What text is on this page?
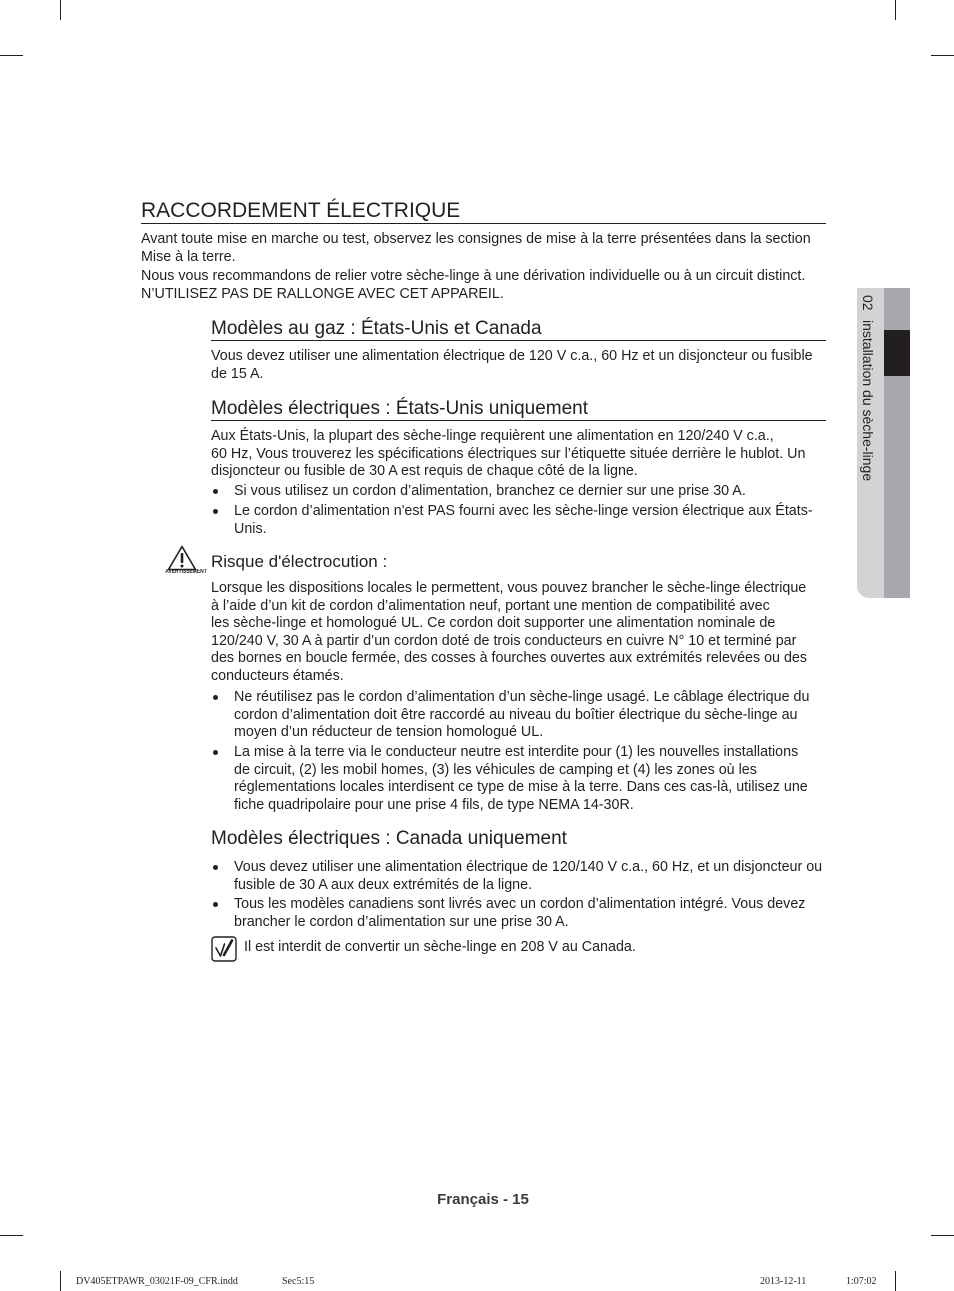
02installation du sèche-linge
RACCORDEMENT ÉLECTRIQUE
Avant toute mise en marche ou test, observez les consignes de mise à la terre présentées dans la section
Mise à la terre.
Nous vous recommandons de relier votre sèche-linge à une dérivation individuelle ou à un circuit distinct.
N’UTILISEZ PAS DE RALLONGE AVEC CET APPAREIL.
Modèles au gaz : États-Unis et Canada
Vous devez utiliser une alimentation électrique de 120 V c.a., 60 Hz et un disjoncteur ou fusible
de 15 A.
Modèles électriques : États-Unis uniquement
Aux États-Unis, la plupart des sèche-linge requièrent une alimentation en 120/240 V c.a.,
60 Hz, Vous trouverez les spécifications électriques sur l’étiquette située derrière le hublot. Un
disjoncteur ou fusible de 30 A est requis de chaque côté de la ligne.
Si vous utilisez un cordon d’alimentation, branchez ce dernier sur une prise 30 A.
Le cordon d’alimentation n'est PAS fourni avec les sèche-linge version électrique aux États-
Unis.
AVERTISSEMENT
Risque d'électrocution :
Lorsque les dispositions locales le permettent, vous pouvez brancher le sèche-linge électrique
à l’aide d’un kit de cordon d’alimentation neuf, portant une mention de compatibilité avec
les sèche-linge et homologué UL. Ce cordon doit supporter une alimentation nominale de
120/240 V, 30 A à partir d’un cordon doté de trois conducteurs en cuivre N° 10 et terminé par
des bornes en boucle fermée, des cosses à fourches ouvertes aux extrémités relevées ou des
conducteurs étamés.
Ne réutilisez pas le cordon d’alimentation d’un sèche-linge usagé. Le câblage électrique du
cordon d’alimentation doit être raccordé au niveau du boîtier électrique du sèche-linge au
moyen d’un réducteur de tension homologué UL.
La mise à la terre via le conducteur neutre est interdite pour (1) les nouvelles installations
de circuit, (2) les mobil homes, (3) les véhicules de camping et (4) les zones où les
réglementations locales interdisent ce type de mise à la terre. Dans ces cas-là, utilisez une
fiche quadripolaire pour une prise 4 fils, de type NEMA 14-30R.
Modèles électriques : Canada uniquement
Vous devez utiliser une alimentation électrique de 120/140 V c.a., 60 Hz, et un disjoncteur ou
fusible de 30 A aux deux extrémités de la ligne.
Tous les modèles canadiens sont livrés avec un cordon d’alimentation intégré. Vous devez
brancher le cordon d’alimentation sur une prise 30 A.
Il est interdit de convertir un sèche-linge en 208 V au Canada.
Français - 15
DV405ETPAWR_03021F-09_CFR.indd	Sec5:15	2013-12-11	1:07:02
